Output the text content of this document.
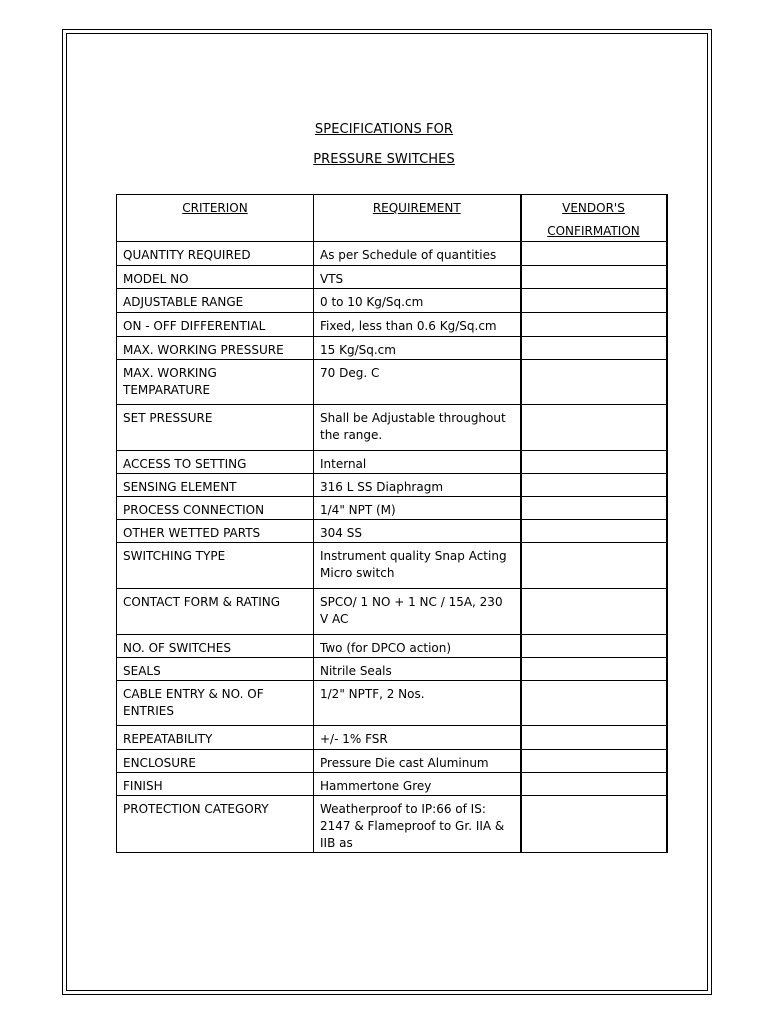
SPECIFICATIONS FOR
PRESSURE SWITCHES
CRITERION	REQUIREMENT	VENDOR'S
CONFIRMATION

QUANTITY REQUIRED	As per Schedule of quantities	
MODEL NO	VTS	
ADJUSTABLE RANGE	0 to 10 Kg/Sq.cm	
ON - OFF DIFFERENTIAL	Fixed, less than 0.6 Kg/Sq.cm	
MAX. WORKING PRESSURE	15 Kg/Sq.cm	
MAX. WORKING TEMPARATURE	70 Deg. C	
SET PRESSURE	Shall be Adjustable throughout the range.	
ACCESS TO SETTING	Internal	
SENSING ELEMENT	316 L SS Diaphragm	
PROCESS CONNECTION	1/4" NPT (M)	
OTHER WETTED PARTS	304 SS	
SWITCHING TYPE	Instrument quality Snap Acting Micro switch	
CONTACT FORM & RATING	SPCO/ 1 NO + 1 NC / 15A, 230 V AC	
NO. OF SWITCHES	Two (for DPCO action)	
SEALS	Nitrile Seals	
CABLE ENTRY & NO. OF ENTRIES	1/2" NPTF, 2 Nos.	
REPEATABILITY	+/- 1% FSR	
ENCLOSURE	Pressure Die cast Aluminum	
FINISH	Hammertone Grey	
PROTECTION CATEGORY	Weatherproof to IP:66 of IS: 2147 & Flameproof to Gr. IIA & IIB as	
